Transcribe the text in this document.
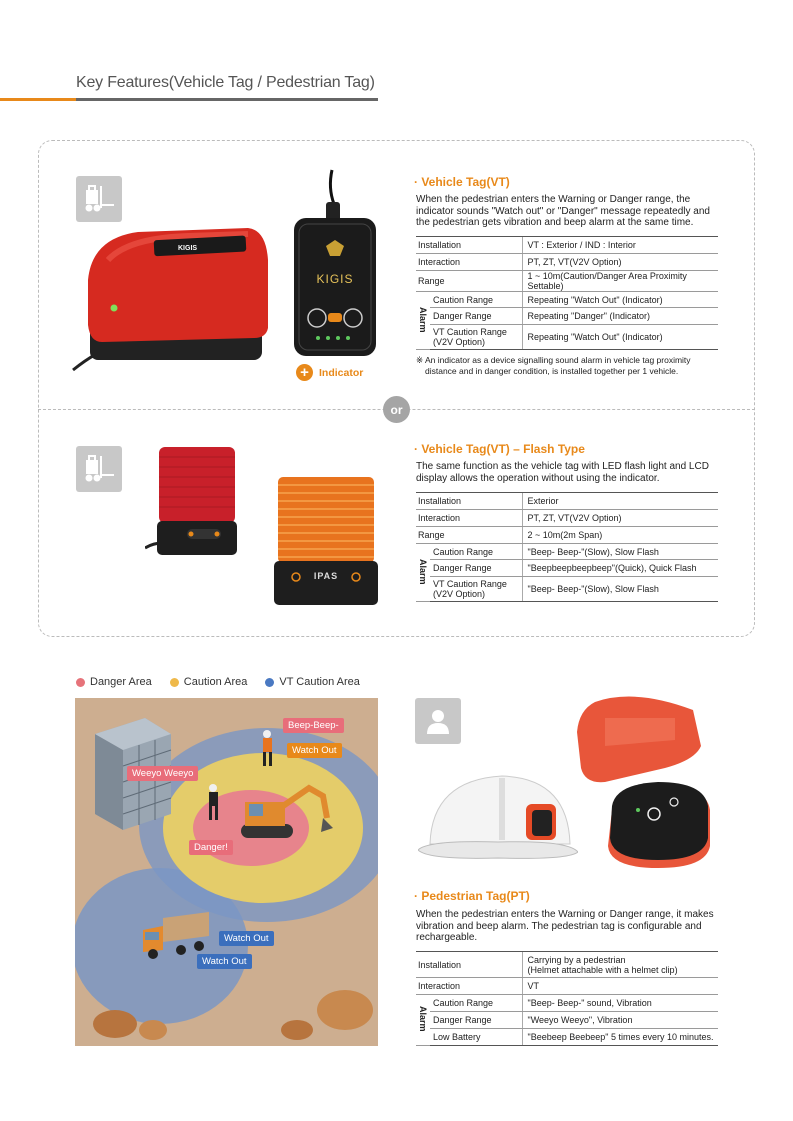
Key Features(Vehicle Tag / Pedestrian Tag)
or
KIGIS
KIGIS
+ Indicator
· Vehicle Tag(VT)
When the pedestrian enters the Warning or Danger range, the
indicator sounds "Watch out" or "Danger" message repeatedly and
the pedestrian gets vibration and beep alarm at the same time.
Installation		VT : Exterior / IND : Interior
Interaction		PT, ZT, VT(V2V Option)
Range		1 ~ 10m(Caution/Danger Area Proximity Settable)
Alarm	Caution Range	Repeating "Watch Out" (Indicator)
	Danger Range	Repeating "Danger" (Indicator)

	VT Caution Range
(V2V Option)	Repeating "Watch Out" (Indicator)
※ An indicator as a device signalling sound alarm in vehicle tag proximity
distance and in danger condition, is installed together per 1 vehicle.
IPAS
· Vehicle Tag(VT) – Flash Type
The same function as the vehicle tag with LED flash light and LCD
display allows the operation without using the indicator.
Installation		Exterior
Interaction		PT, ZT, VT(V2V Option)
Range		2 ~ 10m(2m Span)
Alarm	Caution Range	"Beep- Beep-"(Slow), Slow Flash
	Danger Range	"Beepbeepbeepbeep"(Quick), Quick Flash

	VT Caution Range
(V2V Option)	"Beep- Beep-"(Slow), Slow Flash
Danger Area	Caution Area	VT Caution Area
Beep-Beep-
Watch Out
Weeyo Weeyo
Danger!
Watch Out
Watch Out
· Pedestrian Tag(PT)
When the pedestrian enters the Warning or Danger range, it makes
vibration and beep alarm. The pedestrian tag is configurable and
rechargeable.
Installation		Carrying by a pedestrian
(Helmet attachable with a helmet clip)

Interaction		VT
Alarm	Caution Range	"Beep- Beep-" sound, Vibration
	Danger Range	"Weeyo Weeyo", Vibration
	Low Battery	"Beebeep Beebeep" 5 times every 10 minutes.
